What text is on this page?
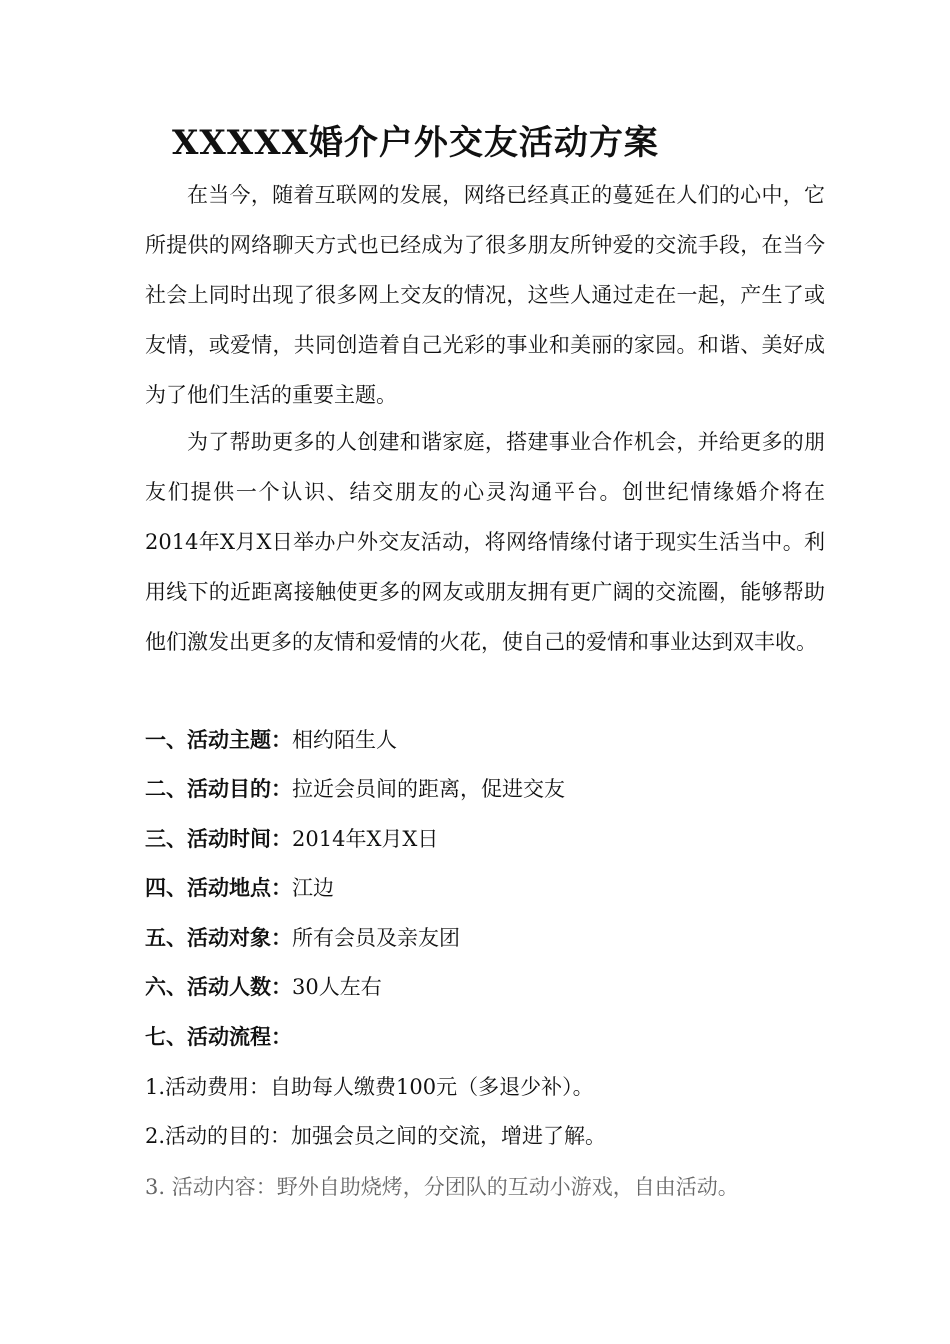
XXXXX婚介户外交友活动方案

在当今，随着互联网的发展，网络已经真正的蔓延在人们的心中，它所提供的网络聊天方式也已经成为了很多朋友所钟爱的交流手段，在当今社会上同时出现了很多网上交友的情况，这些人通过走在一起，产生了或友情，或爱情，共同创造着自己光彩的事业和美丽的家园。和谐、美好成为了他们生活的重要主题。

为了帮助更多的人创建和谐家庭，搭建事业合作机会，并给更多的朋友们提供一个认识、结交朋友的心灵沟通平台。创世纪情缘婚介将在2014年X月X日举办户外交友活动，将网络情缘付诸于现实生活当中。利用线下的近距离接触使更多的网友或朋友拥有更广阔的交流圈，能够帮助他们激发出更多的友情和爱情的火花，使自己的爱情和事业达到双丰收。

一、活动主题：相约陌生人
二、活动目的：拉近会员间的距离，促进交友
三、活动时间：2014年X月X日
四、活动地点：江边
五、活动对象：所有会员及亲友团
六、活动人数：30人左右
七、活动流程：
1.活动费用：自助每人缴费100元（多退少补）。
2.活动的目的：加强会员之间的交流，增进了解。
3. 活动内容：野外自助烧烤，分团队的互动小游戏，自由活动。
